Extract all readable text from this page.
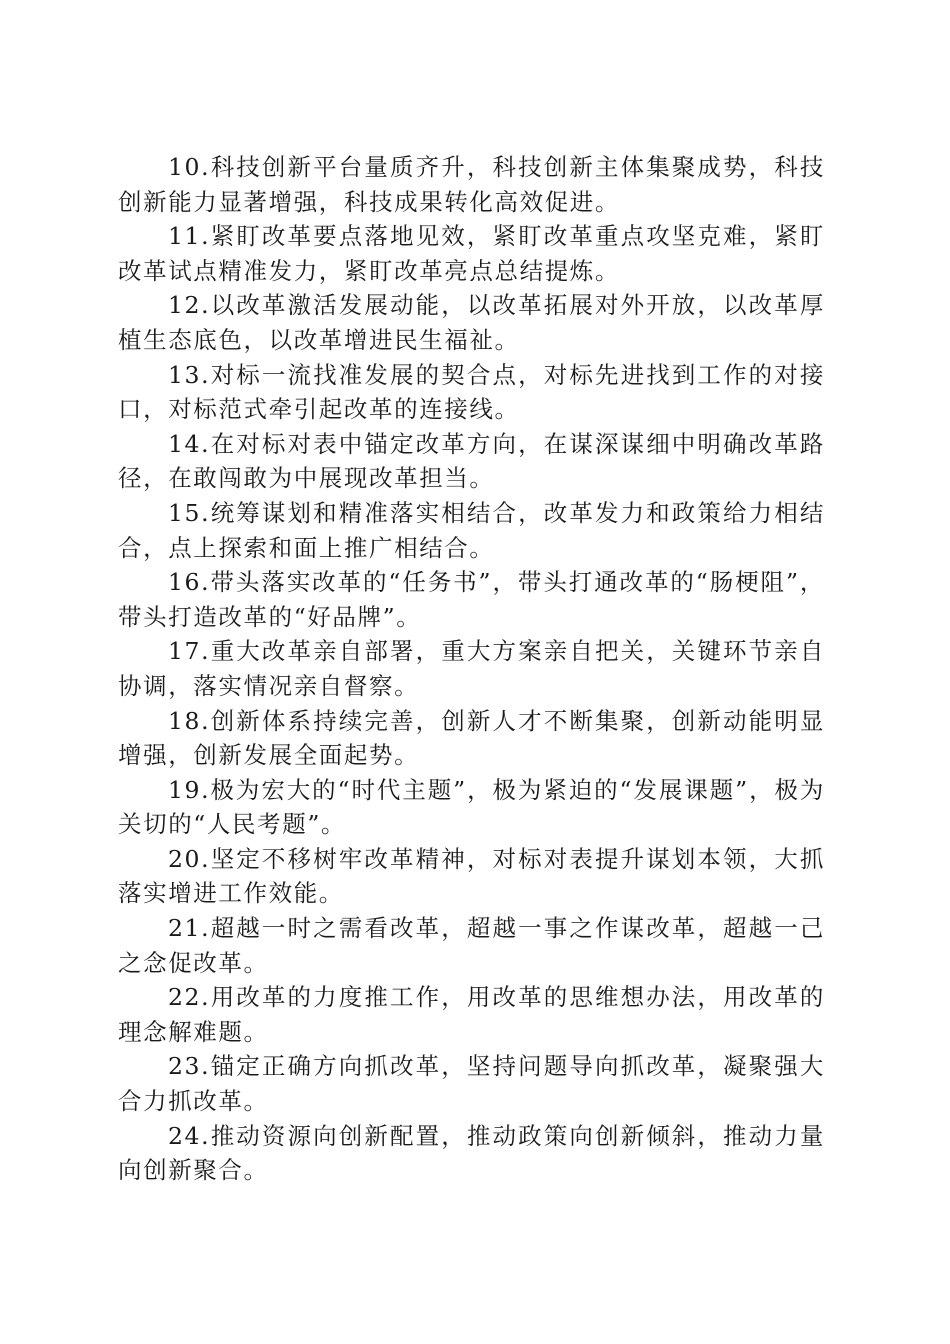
10.科技创新平台量质齐升，科技创新主体集聚成势，科技创新能力显著增强，科技成果转化高效促进。

11.紧盯改革要点落地见效，紧盯改革重点攻坚克难，紧盯改革试点精准发力，紧盯改革亮点总结提炼。

12.以改革激活发展动能，以改革拓展对外开放，以改革厚植生态底色，以改革增进民生福祉。

13.对标一流找准发展的契合点，对标先进找到工作的对接口，对标范式牵引起改革的连接线。

14.在对标对表中锚定改革方向，在谋深谋细中明确改革路径，在敢闯敢为中展现改革担当。

15.统筹谋划和精准落实相结合，改革发力和政策给力相结合，点上探索和面上推广相结合。

16.带头落实改革的“任务书”，带头打通改革的“肠梗阻”，带头打造改革的“好品牌”。

17.重大改革亲自部署，重大方案亲自把关，关键环节亲自协调，落实情况亲自督察。

18.创新体系持续完善，创新人才不断集聚，创新动能明显增强，创新发展全面起势。

19.极为宏大的“时代主题”，极为紧迫的“发展课题”，极为关切的“人民考题”。

20.坚定不移树牢改革精神，对标对表提升谋划本领，大抓落实增进工作效能。

21.超越一时之需看改革，超越一事之作谋改革，超越一己之念促改革。

22.用改革的力度推工作，用改革的思维想办法，用改革的理念解难题。

23.锚定正确方向抓改革，坚持问题导向抓改革，凝聚强大合力抓改革。

24.推动资源向创新配置，推动政策向创新倾斜，推动力量向创新聚合。
